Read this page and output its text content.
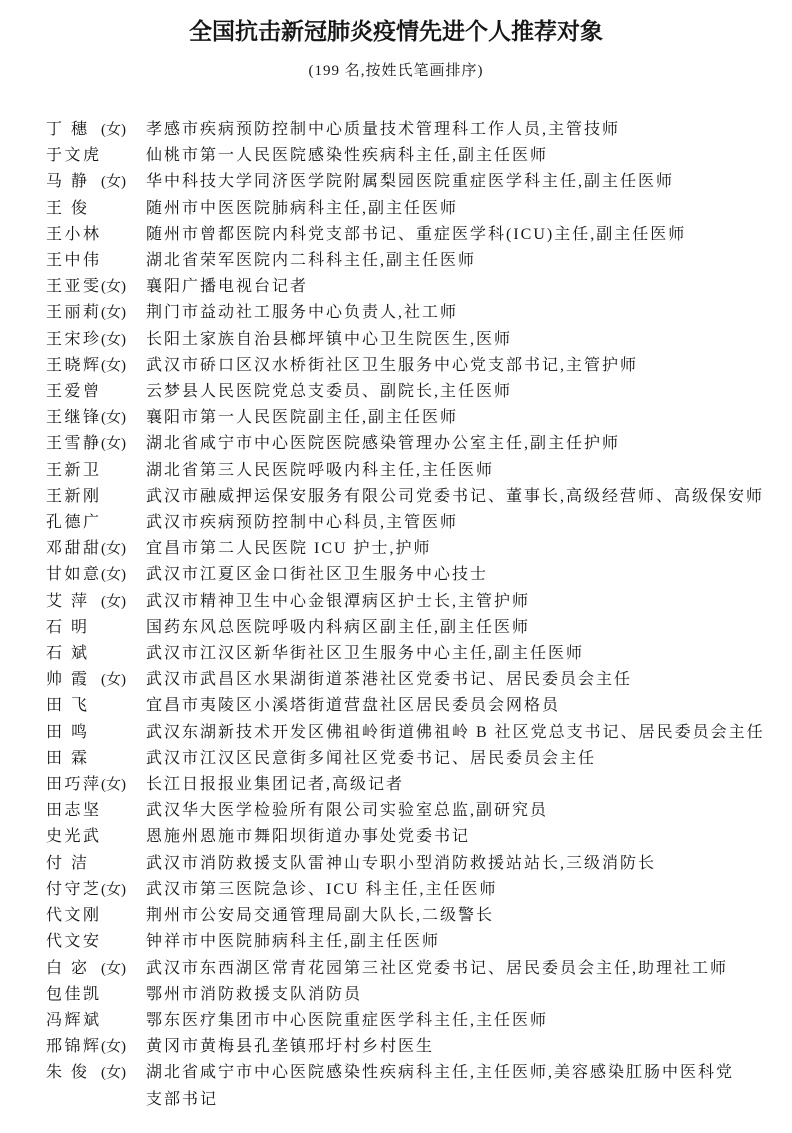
全国抗击新冠肺炎疫情先进个人推荐对象
(199 名,按姓氏笔画排序)
丁 穗 (女)	孝感市疾病预防控制中心质量技术管理科工作人员,主管技师
于文虎	仙桃市第一人民医院感染性疾病科主任,副主任医师
马 静 (女)	华中科技大学同济医学院附属梨园医院重症医学科主任,副主任医师
王 俊	随州市中医医院肺病科主任,副主任医师
王小林	随州市曾都医院内科党支部书记、重症医学科(ICU)主任,副主任医师
王中伟	湖北省荣军医院内二科科主任,副主任医师
王亚雯 (女)	襄阳广播电视台记者
王丽莉 (女)	荆门市益动社工服务中心负责人,社工师
王宋珍 (女)	长阳土家族自治县榔坪镇中心卫生院医生,医师
王晓辉 (女)	武汉市硚口区汉水桥街社区卫生服务中心党支部书记,主管护师
王爱曾	云梦县人民医院党总支委员、副院长,主任医师
王继锋 (女)	襄阳市第一人民医院副主任,副主任医师
王雪静 (女)	湖北省咸宁市中心医院医院感染管理办公室主任,副主任护师
王新卫	湖北省第三人民医院呼吸内科主任,主任医师
王新刚	武汉市融威押运保安服务有限公司党委书记、董事长,高级经营师、高级保安师
孔德广	武汉市疾病预防控制中心科员,主管医师
邓甜甜 (女)	宜昌市第二人民医院 ICU 护士,护师
甘如意 (女)	武汉市江夏区金口街社区卫生服务中心技士
艾 萍 (女)	武汉市精神卫生中心金银潭病区护士长,主管护师
石 明	国药东风总医院呼吸内科病区副主任,副主任医师
石 斌	武汉市江汉区新华街社区卫生服务中心主任,副主任医师
帅 霞 (女)	武汉市武昌区水果湖街道茶港社区党委书记、居民委员会主任
田 飞	宜昌市夷陵区小溪塔街道营盘社区居民委员会网格员
田 鸣	武汉东湖新技术开发区佛祖岭街道佛祖岭 B 社区党总支书记、居民委员会主任
田 霖	武汉市江汉区民意街多闻社区党委书记、居民委员会主任
田巧萍 (女)	长江日报报业集团记者,高级记者
田志坚	武汉华大医学检验所有限公司实验室总监,副研究员
史光武	恩施州恩施市舞阳坝街道办事处党委书记
付 洁	武汉市消防救援支队雷神山专职小型消防救援站站长,三级消防长
付守芝 (女)	武汉市第三医院急诊、ICU 科主任,主任医师
代文刚	荆州市公安局交通管理局副大队长,二级警长
代文安	钟祥市中医院肺病科主任,副主任医师
白 宓 (女)	武汉市东西湖区常青花园第三社区党委书记、居民委员会主任,助理社工师
包佳凯	鄂州市消防救援支队消防员
冯辉斌	鄂东医疗集团市中心医院重症医学科主任,主任医师
邢锦辉 (女)	黄冈市黄梅县孔垄镇邢圩村乡村医生
朱 俊 (女)	湖北省咸宁市中心医院感染性疾病科主任,主任医师,美容感染肛肠中医科党
支部书记
